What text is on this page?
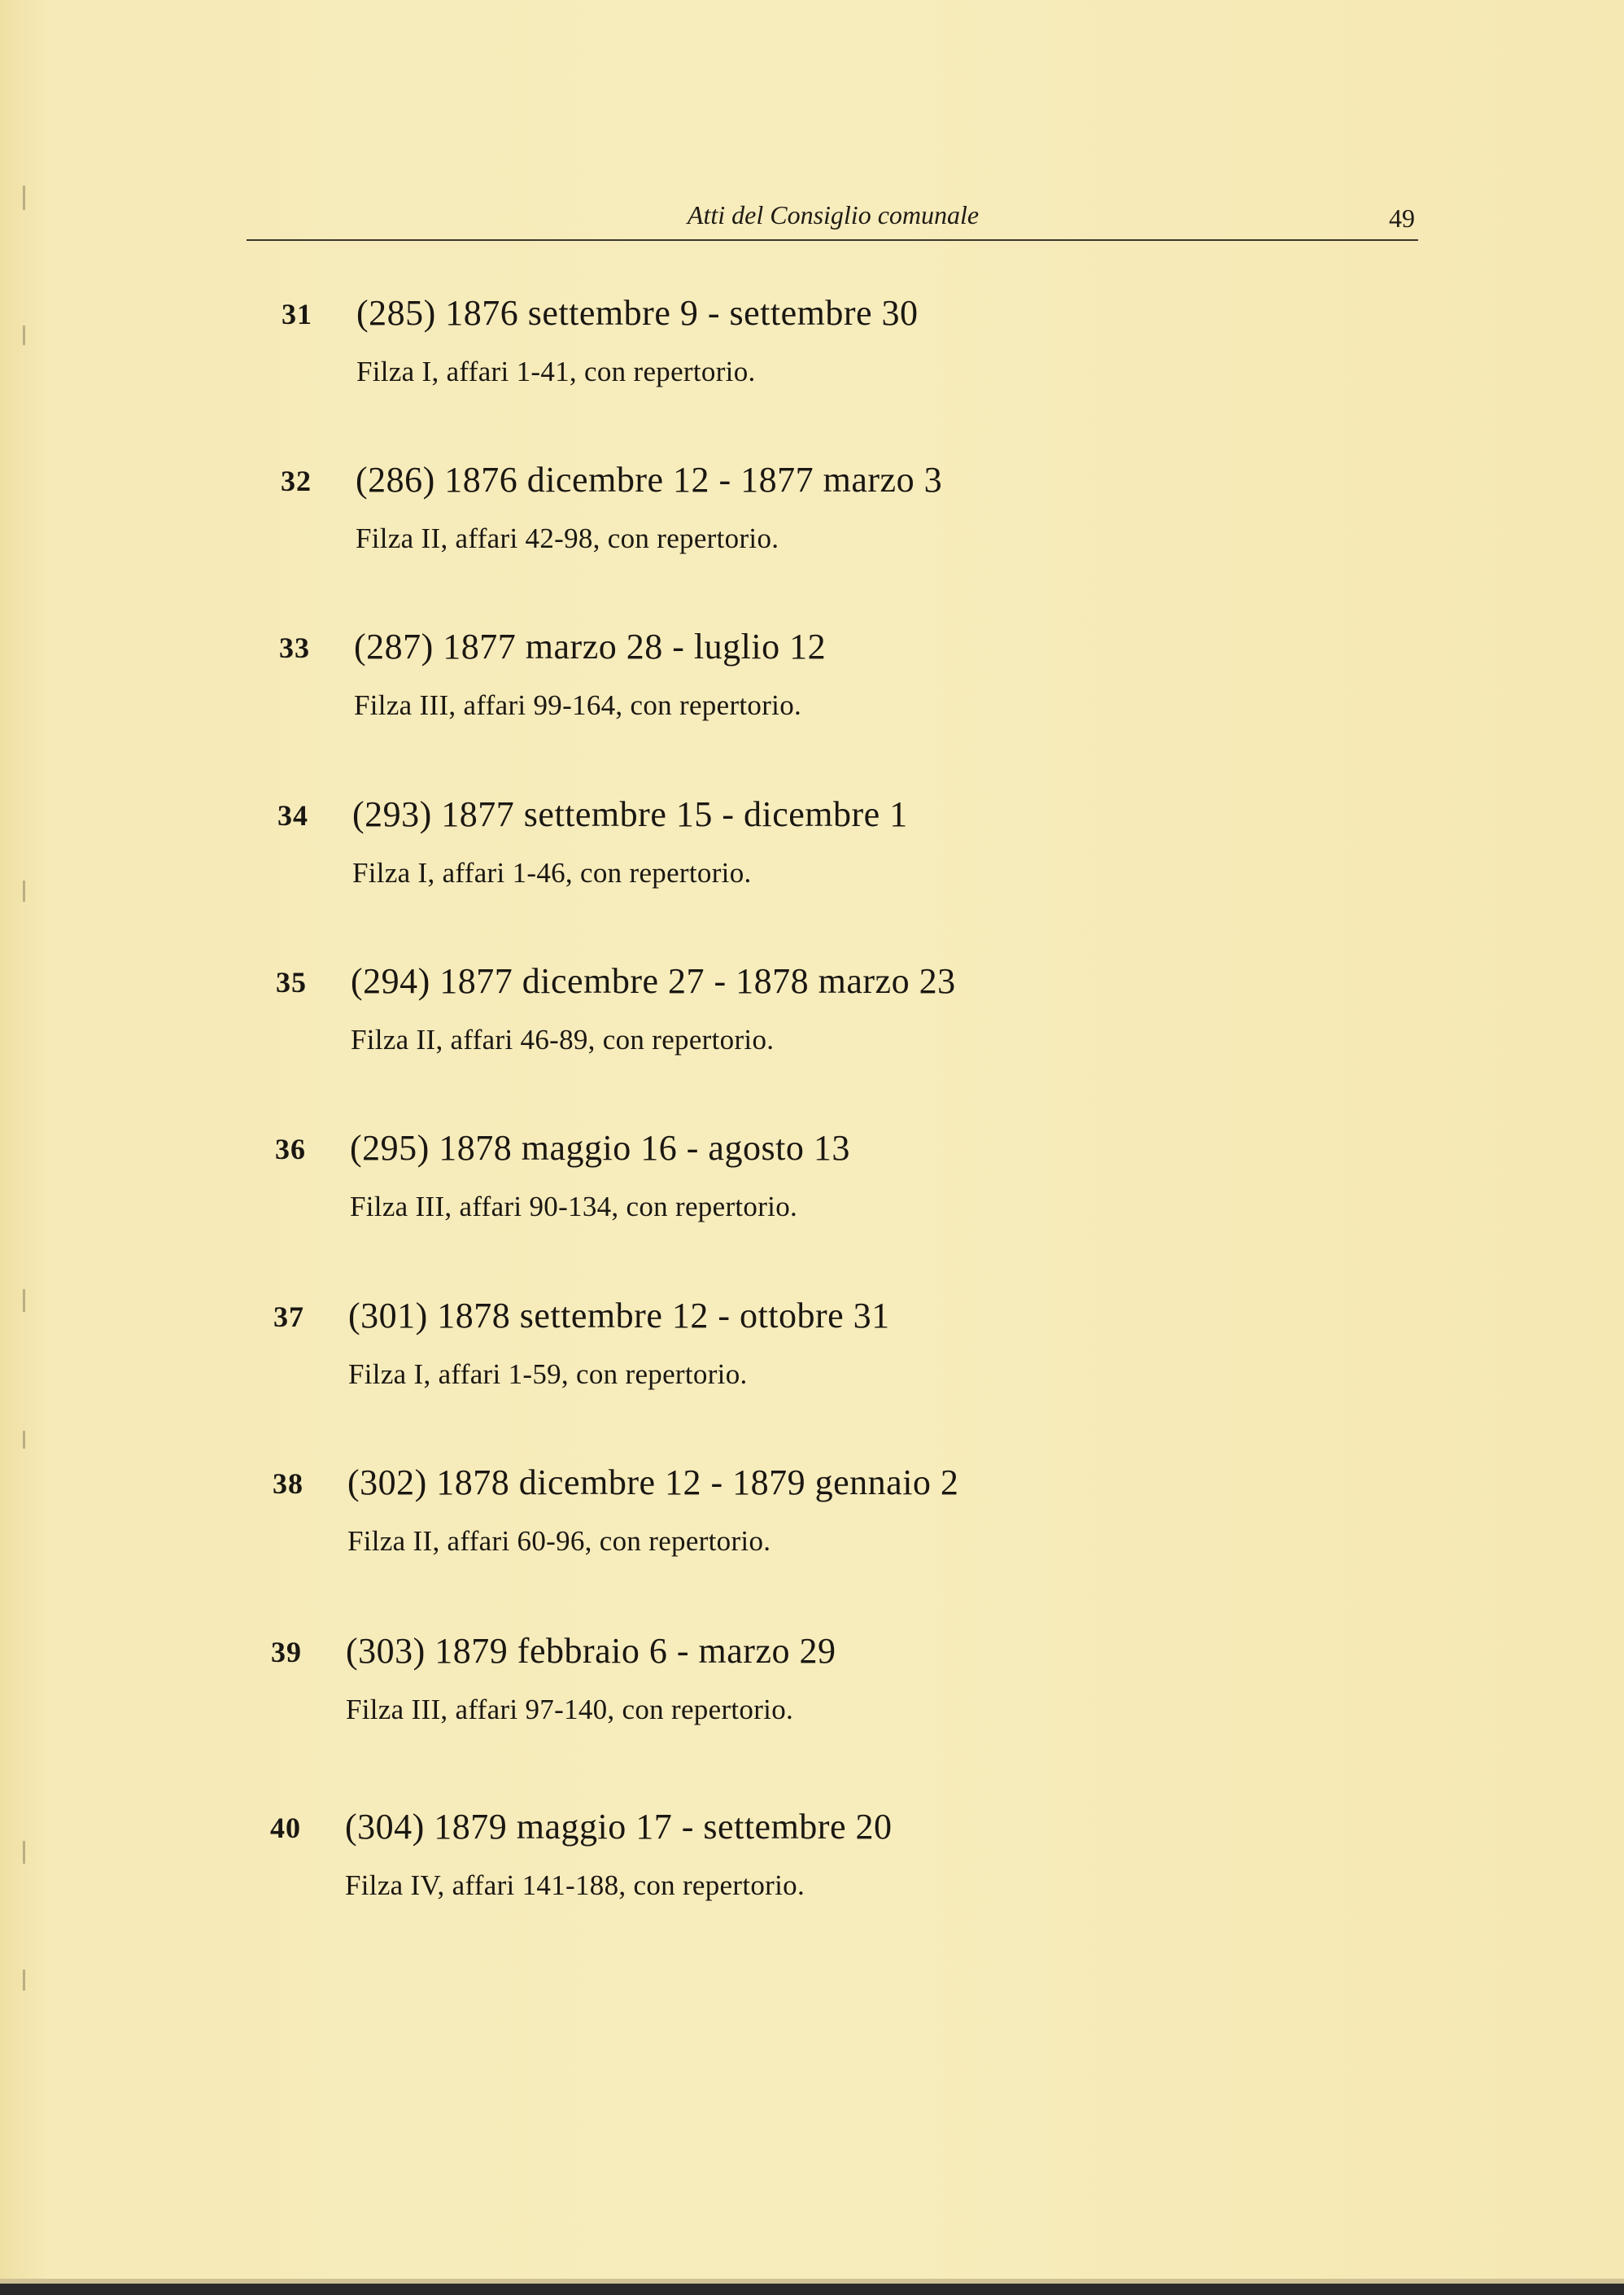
Atti del Consiglio comunale	49
31	(285) 1876 settembre 9 - settembre 30
Filza I, affari 1-41, con repertorio.
32	(286) 1876 dicembre 12 - 1877 marzo 3
Filza II, affari 42-98, con repertorio.
33	(287) 1877 marzo 28 - luglio 12
Filza III, affari 99-164, con repertorio.
34	(293) 1877 settembre 15 - dicembre 1
Filza I, affari 1-46, con repertorio.
35	(294) 1877 dicembre 27 - 1878 marzo 23
Filza II, affari 46-89, con repertorio.
36	(295) 1878 maggio 16 - agosto 13
Filza III, affari 90-134, con repertorio.
37	(301) 1878 settembre 12 - ottobre 31
Filza I, affari 1-59, con repertorio.
38	(302) 1878 dicembre 12 - 1879 gennaio 2
Filza II, affari 60-96, con repertorio.
39	(303) 1879 febbraio 6 - marzo 29
Filza III, affari 97-140, con repertorio.
40	(304) 1879 maggio 17 - settembre 20
Filza IV, affari 141-188, con repertorio.
